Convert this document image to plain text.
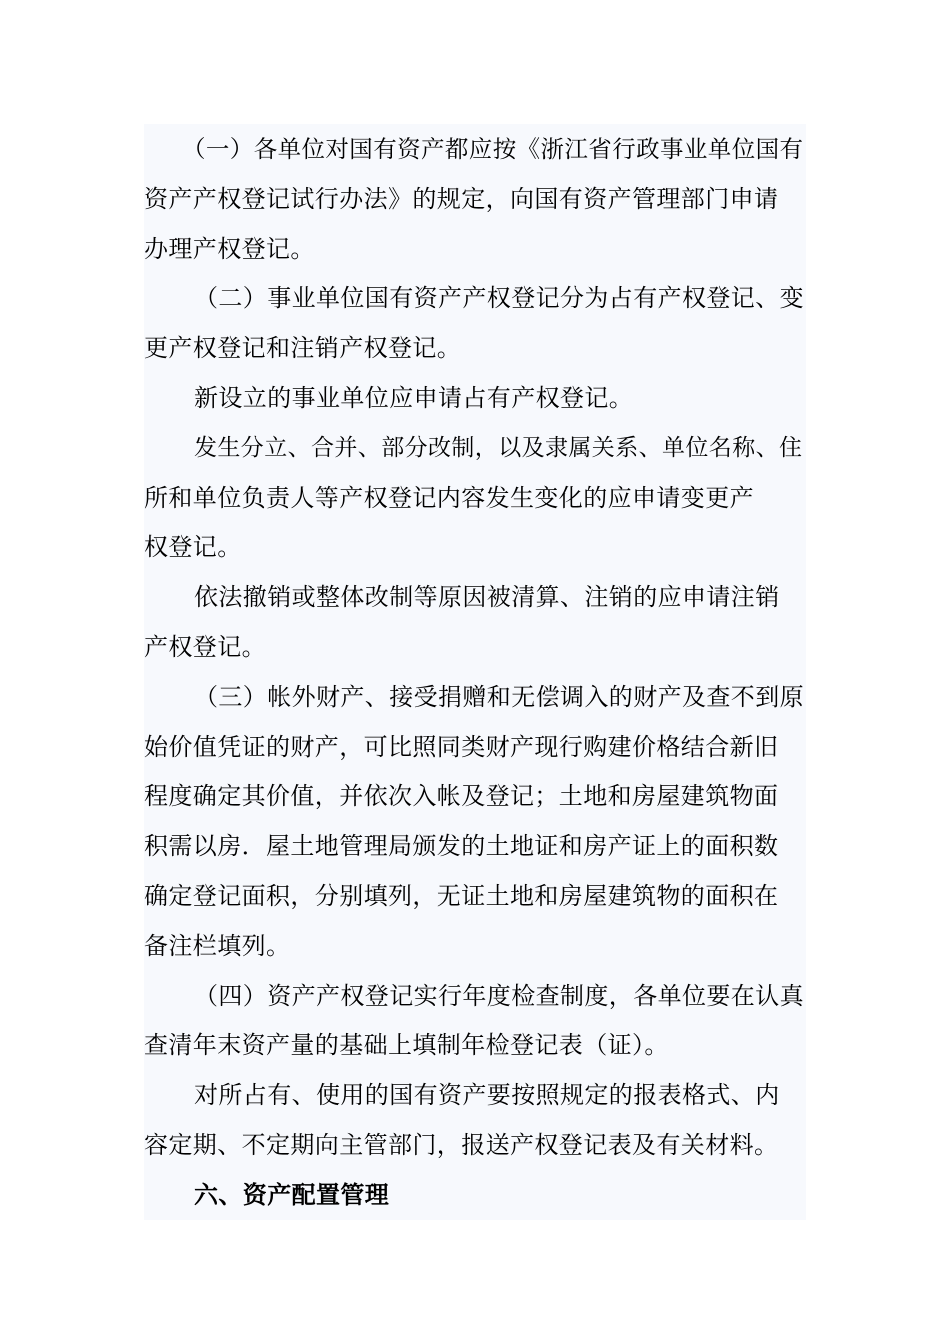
（一）各单位对国有资产都应按《浙江省行政事业单位国有
资产产权登记试行办法》的规定，向国有资产管理部门申请
办理产权登记。
（二）事业单位国有资产产权登记分为占有产权登记、变
更产权登记和注销产权登记。
新设立的事业单位应申请占有产权登记。
发生分立、合并、部分改制，以及隶属关系、单位名称、住
所和单位负责人等产权登记内容发生变化的应申请变更产
权登记。
依法撤销或整体改制等原因被清算、注销的应申请注销
产权登记。
（三）帐外财产、接受捐赠和无偿调入的财产及查不到原
始价值凭证的财产，可比照同类财产现行购建价格结合新旧
程度确定其价值，并依次入帐及登记；土地和房屋建筑物面
积需以房．屋土地管理局颁发的土地证和房产证上的面积数
确定登记面积，分别填列，无证土地和房屋建筑物的面积在
备注栏填列。
（四）资产产权登记实行年度检查制度，各单位要在认真
查清年末资产量的基础上填制年检登记表（证）。
对所占有、使用的国有资产要按照规定的报表格式、内
容定期、不定期向主管部门，报送产权登记表及有关材料。
六、资产配置管理
